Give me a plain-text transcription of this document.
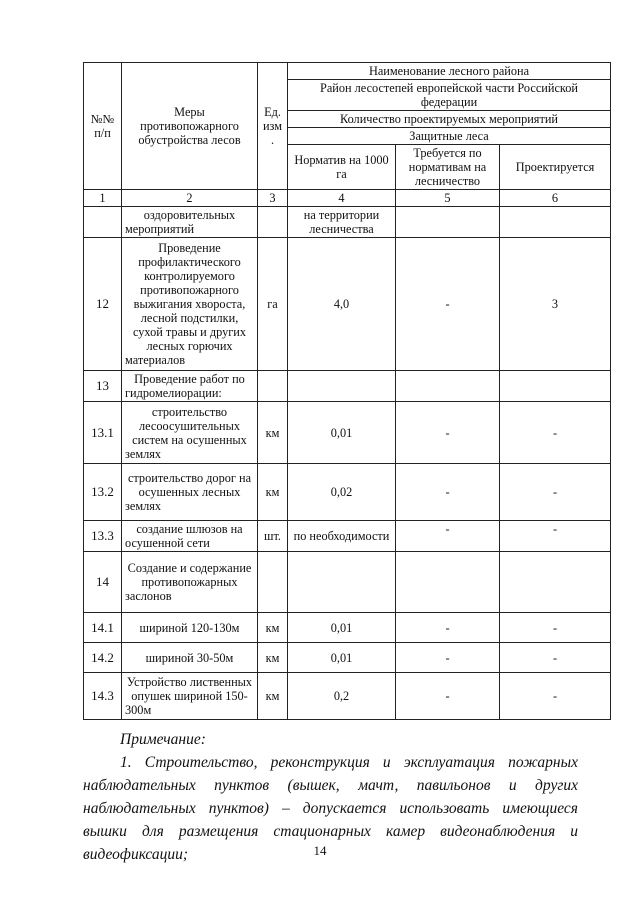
№№ п/п	Меры противопожарного обустройства лесов	Ед. изм .	Наименование лесного района		
			Район лесостепей европейской части Российской федерации		
			Количество проектируемых мероприятий		
			Защитные леса		
			Норматив на 1000 га	Требуется по нормативам на лесничество	Проектируется
1	2	3	4	5	6
	оздоровительных мероприятий		на территории лесничества		
12	Проведение профилактического контролируемого противопожарного выжигания хвороста, лесной подстилки, сухой травы и других лесных горючих материалов	га	4,0	-	3
13	Проведение работ по гидромелиорации:				
13.1	строительство лесоосушительных систем на осушенных землях	км	0,01	-	-
13.2	строительство дорог на осушенных лесных землях	км	0,02	-	-
13.3	создание шлюзов на осушенной сети	шт.	по необходимости	-	-
14	Создание и содержание противопожарных заслонов				
14.1	шириной 120-130м	км	0,01	-	-
14.2	шириной 30-50м	км	0,01	-	-
14.3	Устройство лиственных опушек шириной 150-300м	км	0,2	-	-
Примечание:
1. Строительство, реконструкция и эксплуатация пожарных наблюдательных пунктов (вышек, мачт, павильонов и других наблюдательных пунктов) – допускается использовать имеющиеся вышки для размещения стационарных камер видеонаблюдения и видеофиксации;	14
